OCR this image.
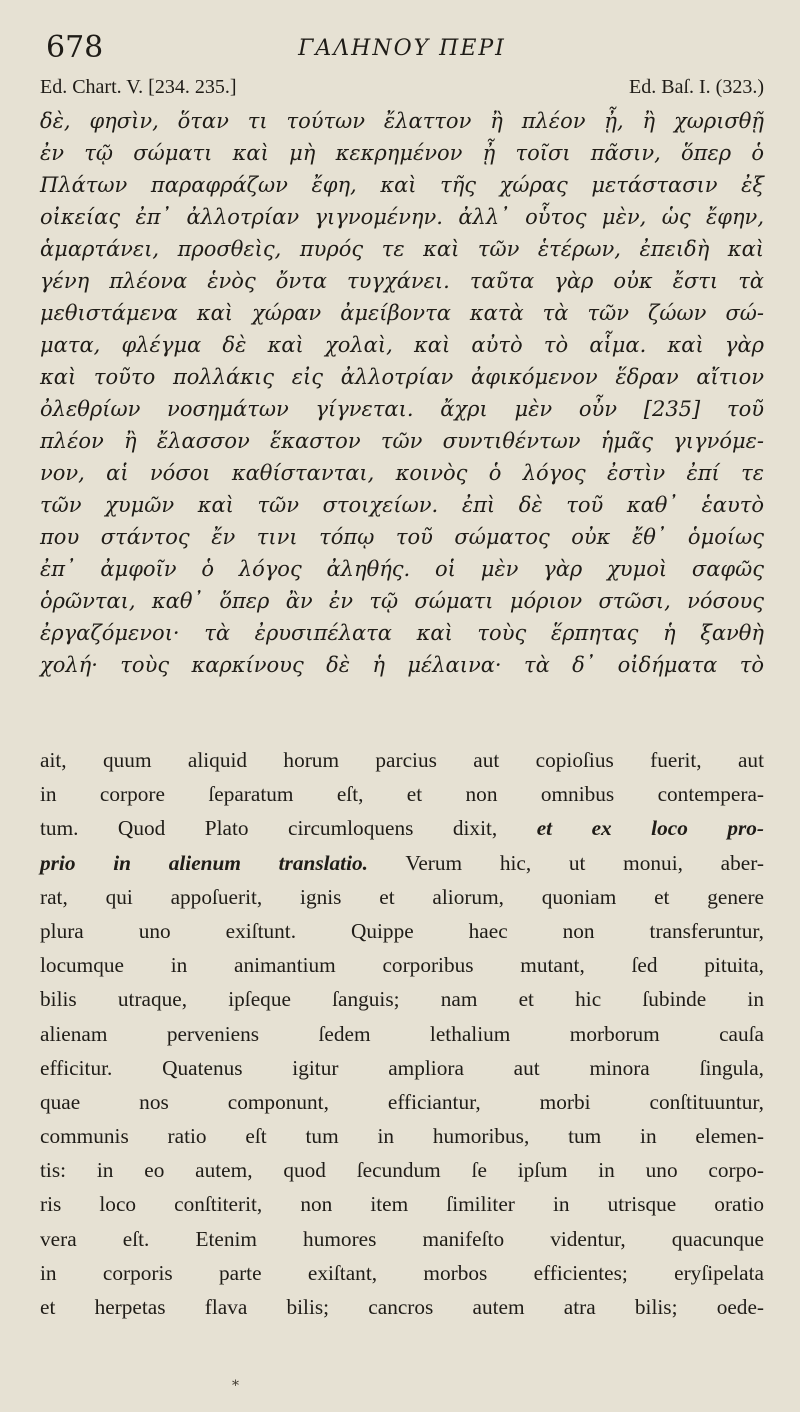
678	ΓΑΛΗΝΟΥ ΠΕΡΙ
Ed. Chart. V. [234. 235.]	Ed. Baſ. I. (323.)
δὲ, φησὶν, ὅταν τι τούτων ἔλαττον ἢ πλέον ᾖ, ἢ χωρισθῇ
ἐν τῷ σώματι καὶ μὴ κεκρημένον ᾖ τοῖσι πᾶσιν, ὅπερ ὁ
Πλάτων παραφράζων ἔφη, καὶ τῆς χώρας μετάστασιν ἐξ
οἰκείας ἐπ᾿ ἀλλοτρίαν γιγνομένην. ἀλλ᾿ οὗτος μὲν, ὡς ἔφην,
ἁμαρτάνει, προσθεὶς, πυρός τε καὶ τῶν ἑτέρων, ἐπειδὴ καὶ
γένη πλέονα ἑνὸς ὄντα τυγχάνει. ταῦτα γὰρ οὐκ ἔστι τὰ
μεθιστάμενα καὶ χώραν ἀμείβοντα κατὰ τὰ τῶν ζώων σώ-
ματα, φλέγμα δὲ καὶ χολαὶ, καὶ αὐτὸ τὸ αἷμα. καὶ γὰρ
καὶ τοῦτο πολλάκις εἰς ἀλλοτρίαν ἀφικόμενον ἕδραν αἴτιον
ὀλεθρίων νοσημάτων γίγνεται. ἄχρι μὲν οὖν [235] τοῦ
πλέον ἢ ἔλασσον ἕκαστον τῶν συντιθέντων ἡμᾶς γιγνόμε-
νον, αἱ νόσοι καθίστανται, κοινὸς ὁ λόγος ἐστὶν ἐπί τε
τῶν χυμῶν καὶ τῶν στοιχείων. ἐπὶ δὲ τοῦ καθ᾿ ἑαυτὸ
που στάντος ἔν τινι τόπῳ τοῦ σώματος οὐκ ἔθ᾿ ὁμοίως
ἐπ᾿ ἀμφοῖν ὁ λόγος ἀληθής. οἱ μὲν γὰρ χυμοὶ σαφῶς
ὁρῶνται, καθ᾿ ὅπερ ἂν ἐν τῷ σώματι μόριον στῶσι, νόσους
ἐργαζόμενοι· τὰ ἐρυσιπέλατα καὶ τοὺς ἕρπητας ἡ ξανθὴ
χολή· τοὺς καρκίνους δὲ ἡ μέλαινα· τὰ δ᾿ οἰδήματα τὸ
ait, quum aliquid horum parcius aut copioſius fuerit, aut
in corpore ſeparatum eſt, et non omnibus contempera-
tum. Quod Plato circumloquens dixit, et ex loco pro-
prio in alienum translatio. Verum hic, ut monui, aber-
rat, qui appoſuerit, ignis et aliorum, quoniam et genere
plura uno exiſtunt. Quippe haec non transferuntur,
locumque in animantium corporibus mutant, ſed pituita,
bilis utraque, ipſeque ſanguis; nam et hic ſubinde in
alienam perveniens ſedem lethalium morborum cauſa
efficitur. Quatenus igitur ampliora aut minora ſingula,
quae nos componunt, efficiantur, morbi conſtituuntur,
communis ratio eſt tum in humoribus, tum in elemen-
tis: in eo autem, quod ſecundum ſe ipſum in uno corpo-
ris loco conſtiterit, non item ſimiliter in utrisque oratio
vera eſt. Etenim humores manifeſto videntur, quacunque
in corporis parte exiſtant, morbos efficientes; eryſipelata
et herpetas flava bilis; cancros autem atra bilis; oede-
*
